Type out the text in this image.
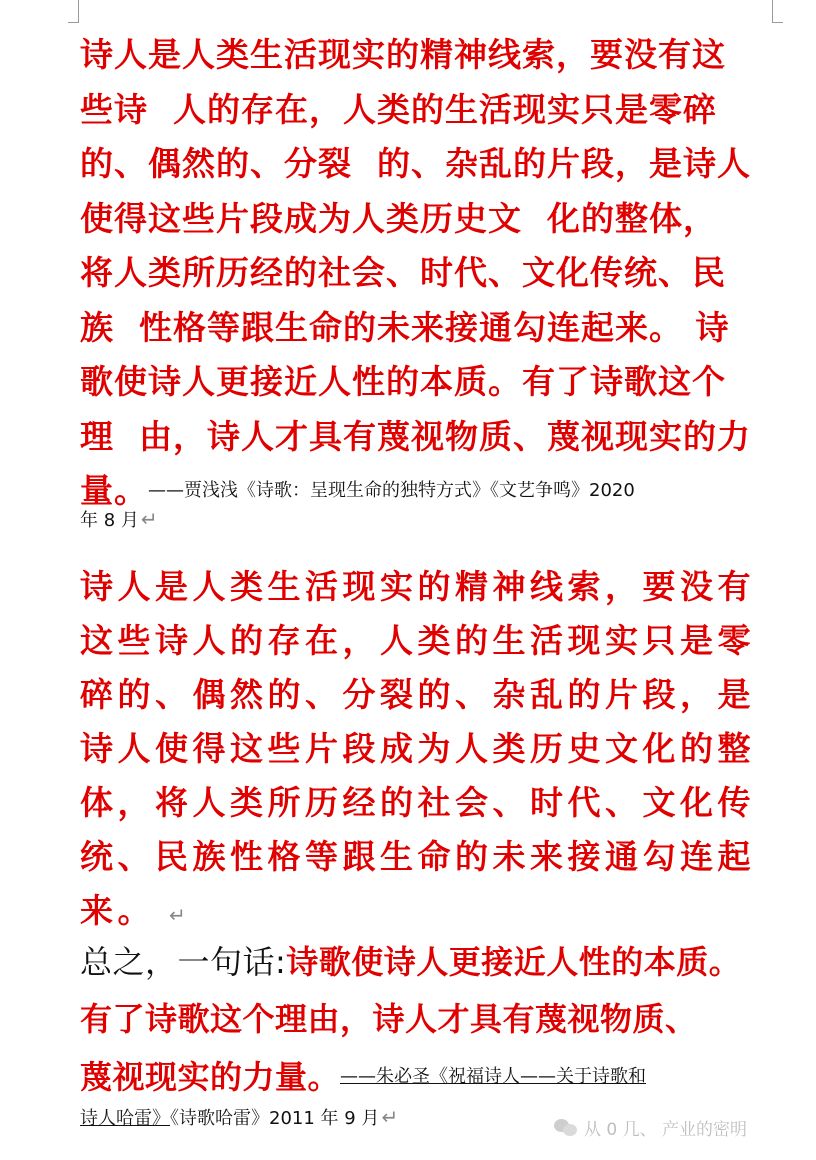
诗人是人类生活现实的精神线索，要没有这
些诗  人的存在，人类的生活现实只是零碎
的、偶然的、分裂  的、杂乱的片段，是诗人
使得这些片段成为人类历史文  化的整体，
将人类所历经的社会、时代、文化传统、民
族  性格等跟生命的未来接通勾连起来。 诗
歌使诗人更接近人性的本质。有了诗歌这个
理  由，诗人才具有蔑视物质、蔑视现实的力
量。——贾浅浅《诗歌：呈现生命的独特方式》《文艺争鸣》2020
年 8 月 ↵
诗人是人类生活现实的精神线索，要没有
这些诗人的存在，人类的生活现实只是零
碎的、偶然的、分裂的、杂乱的片段，是
诗人使得这些片段成为人类历史文化的整
体，将人类所历经的社会、时代、文化传
统、民族性格等跟生命的未来接通勾连起
来。 ↵
总之，一句话:诗歌使诗人更接近人性的本质。
有了诗歌这个理由，诗人才具有蔑视物质、
蔑视现实的力量。——朱必圣《祝福诗人——关于诗歌和
诗人哈雷》《诗歌哈雷》2011 年 9 月 ↵
从 0 几、 产业的密明
